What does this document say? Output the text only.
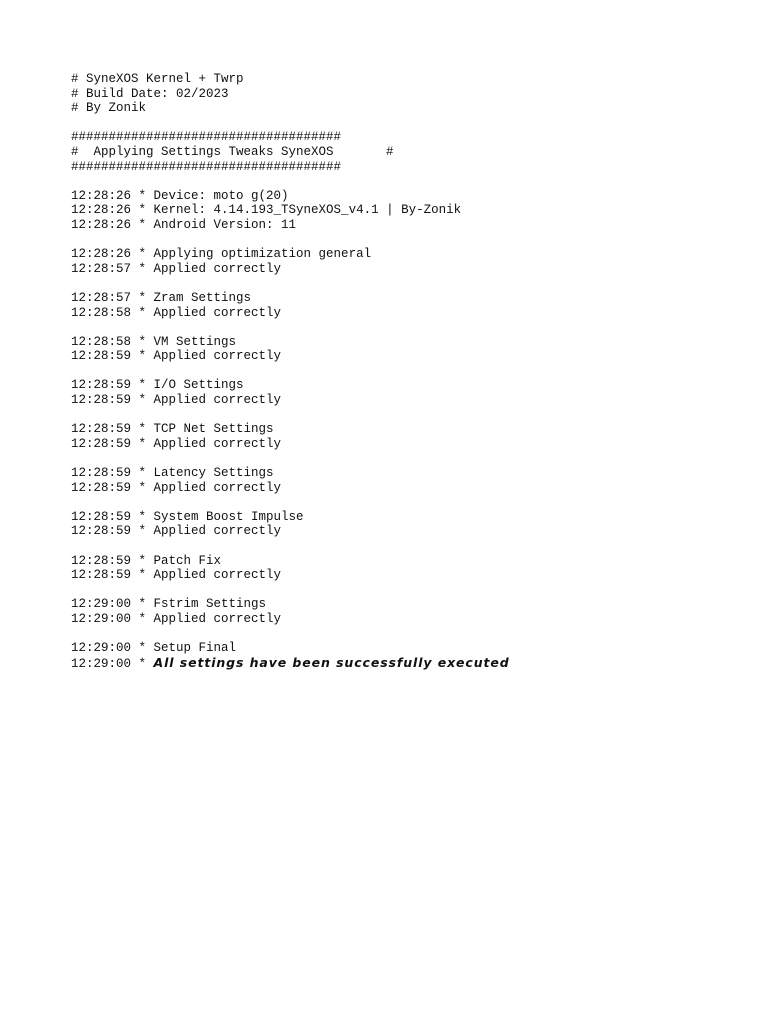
# SyneXOS Kernel + Twrp
# Build Date: 02/2023
# By Zonik
####################################
#  Applying Settings Tweaks SyneXOS       #
####################################
12:28:26 * Device: moto g(20)
12:28:26 * Kernel: 4.14.193_TSyneXOS_v4.1 | By-Zonik
12:28:26 * Android Version: 11
12:28:26 * Applying optimization general
12:28:57 * Applied correctly
12:28:57 * Zram Settings
12:28:58 * Applied correctly
12:28:58 * VM Settings
12:28:59 * Applied correctly
12:28:59 * I/O Settings
12:28:59 * Applied correctly
12:28:59 * TCP Net Settings
12:28:59 * Applied correctly
12:28:59 * Latency Settings
12:28:59 * Applied correctly
12:28:59 * System Boost Impulse
12:28:59 * Applied correctly
12:28:59 * Patch Fix
12:28:59 * Applied correctly
12:29:00 * Fstrim Settings
12:29:00 * Applied correctly
12:29:00 * Setup Final
12:29:00 * All settings have been successfully executed
